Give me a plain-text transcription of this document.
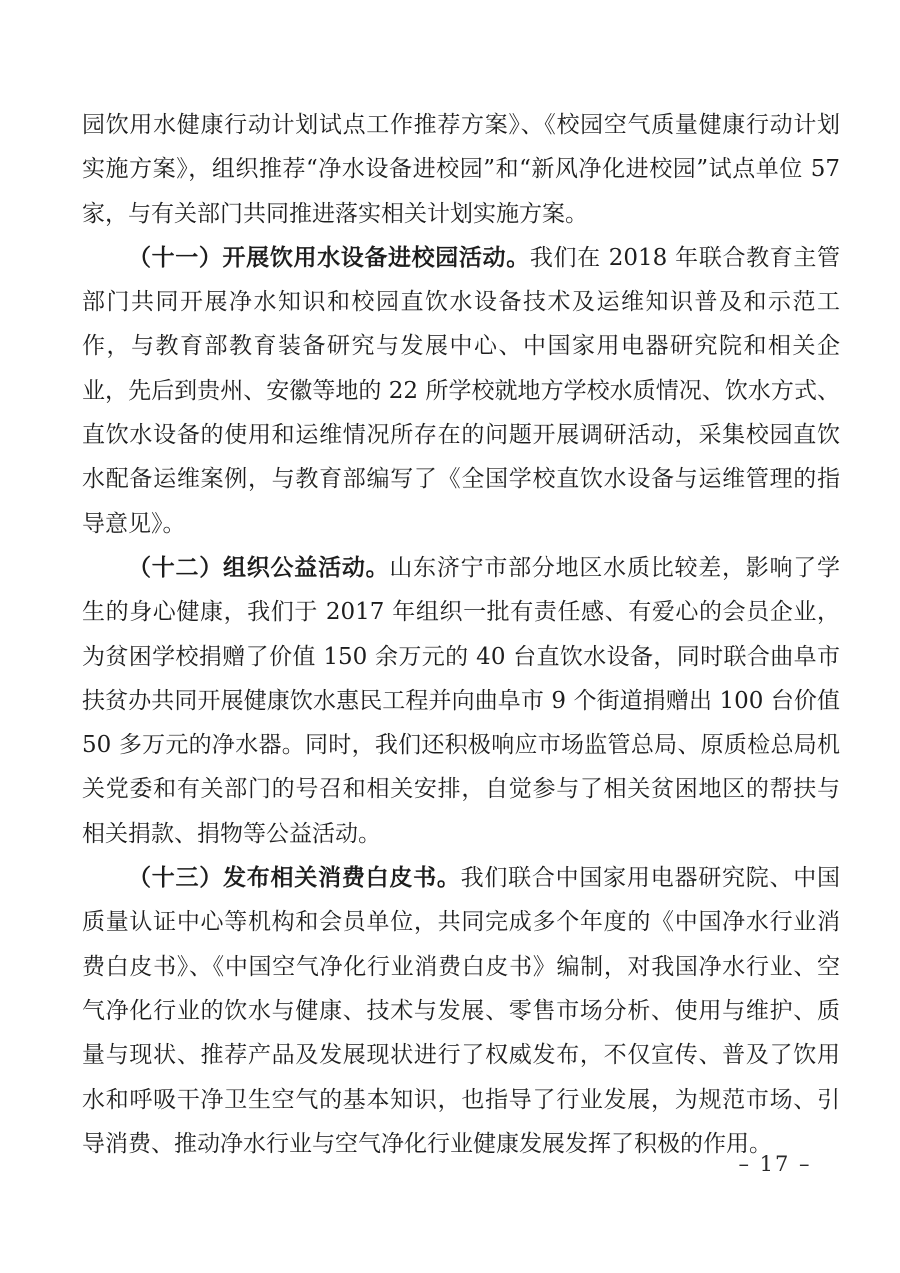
园饮用水健康行动计划试点工作推荐方案》、《校园空气质量健康行动计划实施方案》，组织推荐“净水设备进校园”和“新风净化进校园”试点单位 57 家，与有关部门共同推进落实相关计划实施方案。

（十一）开展饮用水设备进校园活动。我们在 2018 年联合教育主管部门共同开展净水知识和校园直饮水设备技术及运维知识普及和示范工作，与教育部教育装备研究与发展中心、中国家用电器研究院和相关企业，先后到贵州、安徽等地的 22 所学校就地方学校水质情况、饮水方式、直饮水设备的使用和运维情况所存在的问题开展调研活动，采集校园直饮水配备运维案例，与教育部编写了《全国学校直饮水设备与运维管理的指导意见》。

（十二）组织公益活动。山东济宁市部分地区水质比较差，影响了学生的身心健康，我们于 2017 年组织一批有责任感、有爱心的会员企业，为贫困学校捐赠了价值 150 余万元的 40 台直饮水设备，同时联合曲阜市扶贫办共同开展健康饮水惠民工程并向曲阜市 9 个街道捐赠出 100 台价值 50 多万元的净水器。同时，我们还积极响应市场监管总局、原质检总局机关党委和有关部门的号召和相关安排，自觉参与了相关贫困地区的帮扶与相关捐款、捐物等公益活动。

（十三）发布相关消费白皮书。我们联合中国家用电器研究院、中国质量认证中心等机构和会员单位，共同完成多个年度的《中国净水行业消费白皮书》、《中国空气净化行业消费白皮书》编制，对我国净水行业、空气净化行业的饮水与健康、技术与发展、零售市场分析、使用与维护、质量与现状、推荐产品及发展现状进行了权威发布，不仅宣传、普及了饮用水和呼吸干净卫生空气的基本知识，也指导了行业发展，为规范市场、引导消费、推动净水行业与空气净化行业健康发展发挥了积极的作用。

– 17 –
